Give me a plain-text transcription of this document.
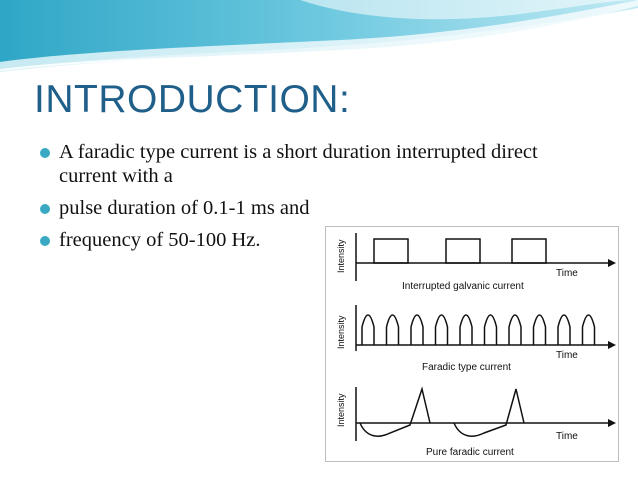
INTRODUCTION:
A faradic type current is a short duration interrupted direct current with a
pulse duration of 0.1-1 ms and
frequency of 50-100 Hz.	Intensity
Time
Interrupted galvanic current
Intensity
Time
Faradic type current
Intensity
Time
Pure faradic current
